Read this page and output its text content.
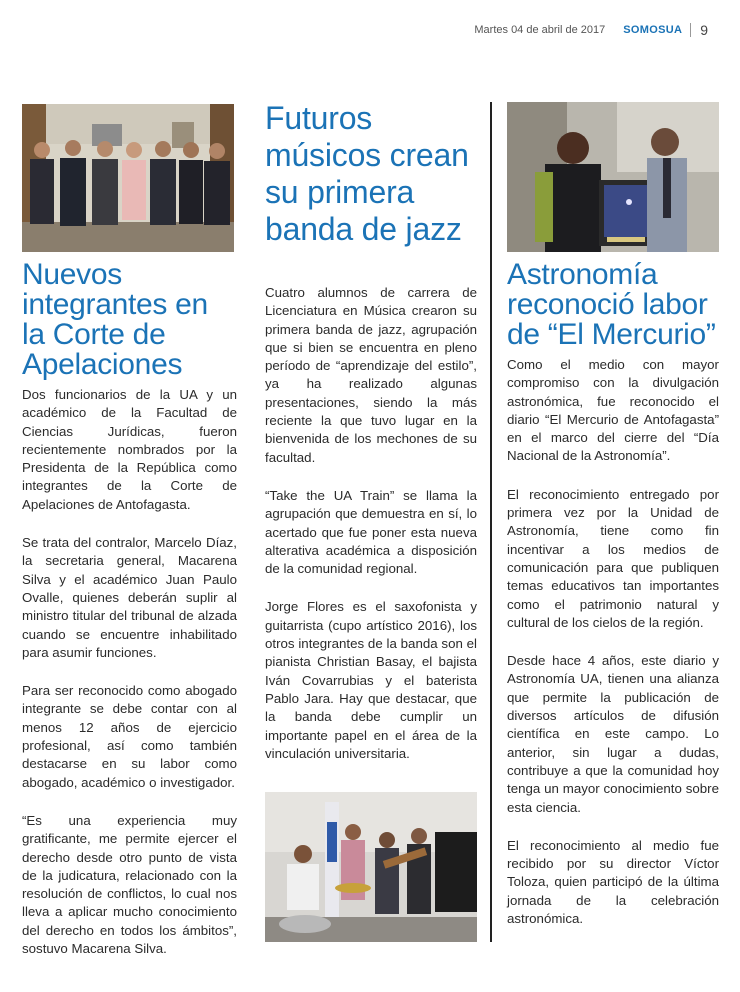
Martes 04 de abril de 2017 SOMOSUA 9
Nuevos integrantes en la Corte de Apelaciones

Dos funcionarios de la UA y un académico de la Facultad de Ciencias Jurídicas, fueron recientemente nombrados por la Presidenta de la República como integrantes de la Corte de Apelaciones de Antofagasta.

Se trata del contralor, Marcelo Díaz, la secretaria general, Macarena Silva y el académico Juan Paulo Ovalle, quienes deberán suplir al ministro titular del tribunal de alzada cuando se encuentre inhabilitado para asumir funciones.

Para ser reconocido como abogado integrante se debe contar con al menos 12 años de ejercicio profesional, así como también destacarse en su labor como abogado, académico o investigador.

“Es una experiencia muy gratificante, me permite ejercer el derecho desde otro punto de vista de la judicatura, relacionado con la resolución de conflictos, lo cual nos lleva a aplicar mucho conocimiento del derecho en todos los ámbitos”, sostuvo Macarena Silva.

Futuros músicos crean su primera banda de jazz

Cuatro alumnos de carrera de Licenciatura en Música crearon su primera banda de jazz, agrupación que si bien se encuentra en pleno período de “aprendizaje del estilo”, ya ha realizado algunas presentaciones, siendo la más reciente la que tuvo lugar en la bienvenida de los mechones de su facultad.

“Take the UA Train” se llama la agrupación que demuestra en sí, lo acertado que fue poner esta nueva alterativa académica a disposición de la comunidad regional.

Jorge Flores es el saxofonista y guitarrista (cupo artístico 2016), los otros integrantes de la banda son el pianista Christian Basay, el bajista Iván Covarrubias y el baterista Pablo Jara. Hay que destacar, que la banda debe cumplir un importante papel en el área de la vinculación universitaria.

Astronomía reconoció labor de “El Mercurio”

Como el medio con mayor compromiso con la divulgación astronómica, fue reconocido el diario “El Mercurio de Antofagasta” en el marco del cierre del “Día Nacional de la Astronomía”.

El reconocimiento entregado por primera vez por la Unidad de Astronomía, tiene como fin incentivar a los medios de comunicación para que publiquen temas educativos tan importantes como el patrimonio natural y cultural de los cielos de la región.

Desde hace 4 años, este diario y Astronomía UA, tienen una alianza que permite la publicación de diversos artículos de difusión científica en este campo. Lo anterior, sin lugar a dudas, contribuye a que la comunidad hoy tenga un mayor conocimiento sobre esta ciencia.

El reconocimiento al medio fue recibido por su director Víctor Toloza, quien participó de la última jornada de la celebración astronómica.
